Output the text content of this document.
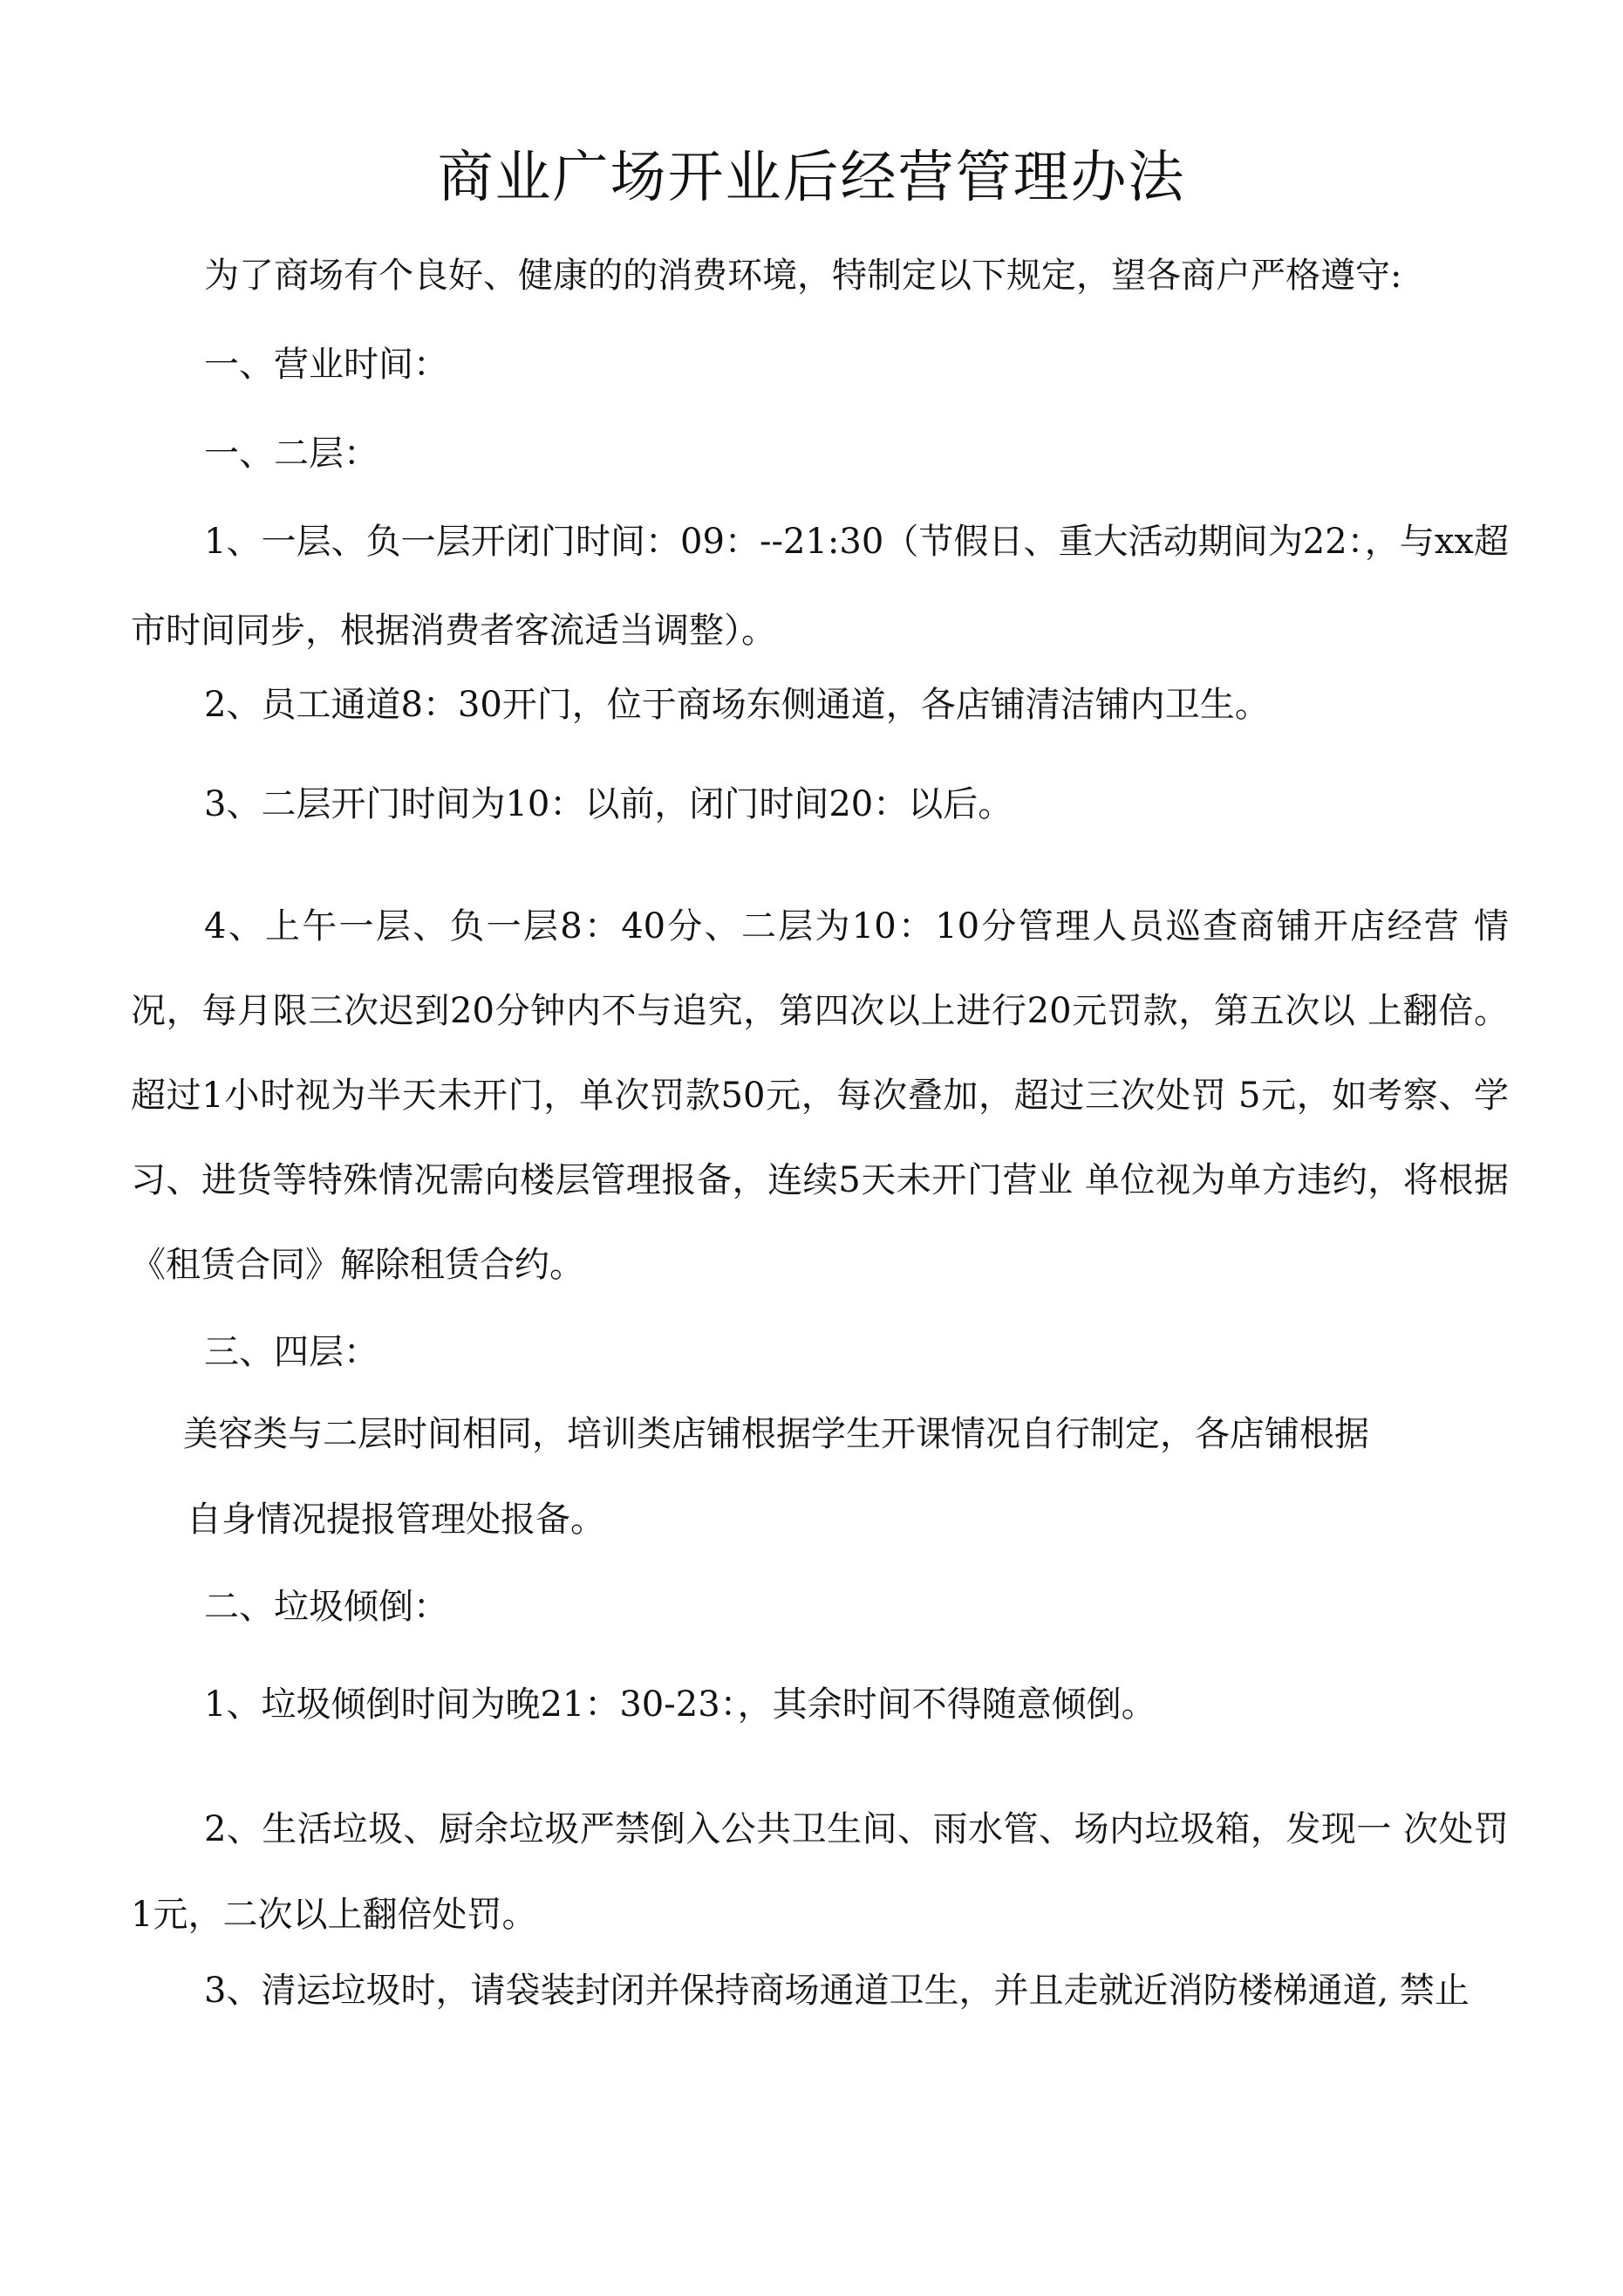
商业广场开业后经营管理办法

为了商场有个良好、健康的的消费环境，特制定以下规定，望各商户严格遵守:

一、营业时间：

一、二层：

1、一层、负一层开闭门时间：09：--21:30（节假日、重大活动期间为22：，与xx超市时间同步，根据消费者客流适当调整）。

2、员工通道8：30开门，位于商场东侧通道，各店铺清洁铺内卫生。

3、二层开门时间为10：以前，闭门时间20：以后。

4、上午一层、负一层8：40分、二层为10：10分管理人员巡查商铺开店经营 情况，每月限三次迟到20分钟内不与追究，第四次以上进行20元罚款，第五次以 上翻倍。超过1小时视为半天未开门，单次罚款50元，每次叠加，超过三次处罚 5元，如考察、学习、进货等特殊情况需向楼层管理报备，连续5天未开门营业 单位视为单方违约，将根据《租赁合同》解除租赁合约。

三、四层：

美容类与二层时间相同，培训类店铺根据学生开课情况自行制定，各店铺根据

自身情况提报管理处报备。

二、垃圾倾倒：

1、垃圾倾倒时间为晚21：30-23：，其余时间不得随意倾倒。

2、生活垃圾、厨余垃圾严禁倒入公共卫生间、雨水管、场内垃圾箱，发现一 次处罚1元，二次以上翻倍处罚。

3、清运垃圾时，请袋装封闭并保持商场通道卫生，并且走就近消防楼梯通道, 禁止
